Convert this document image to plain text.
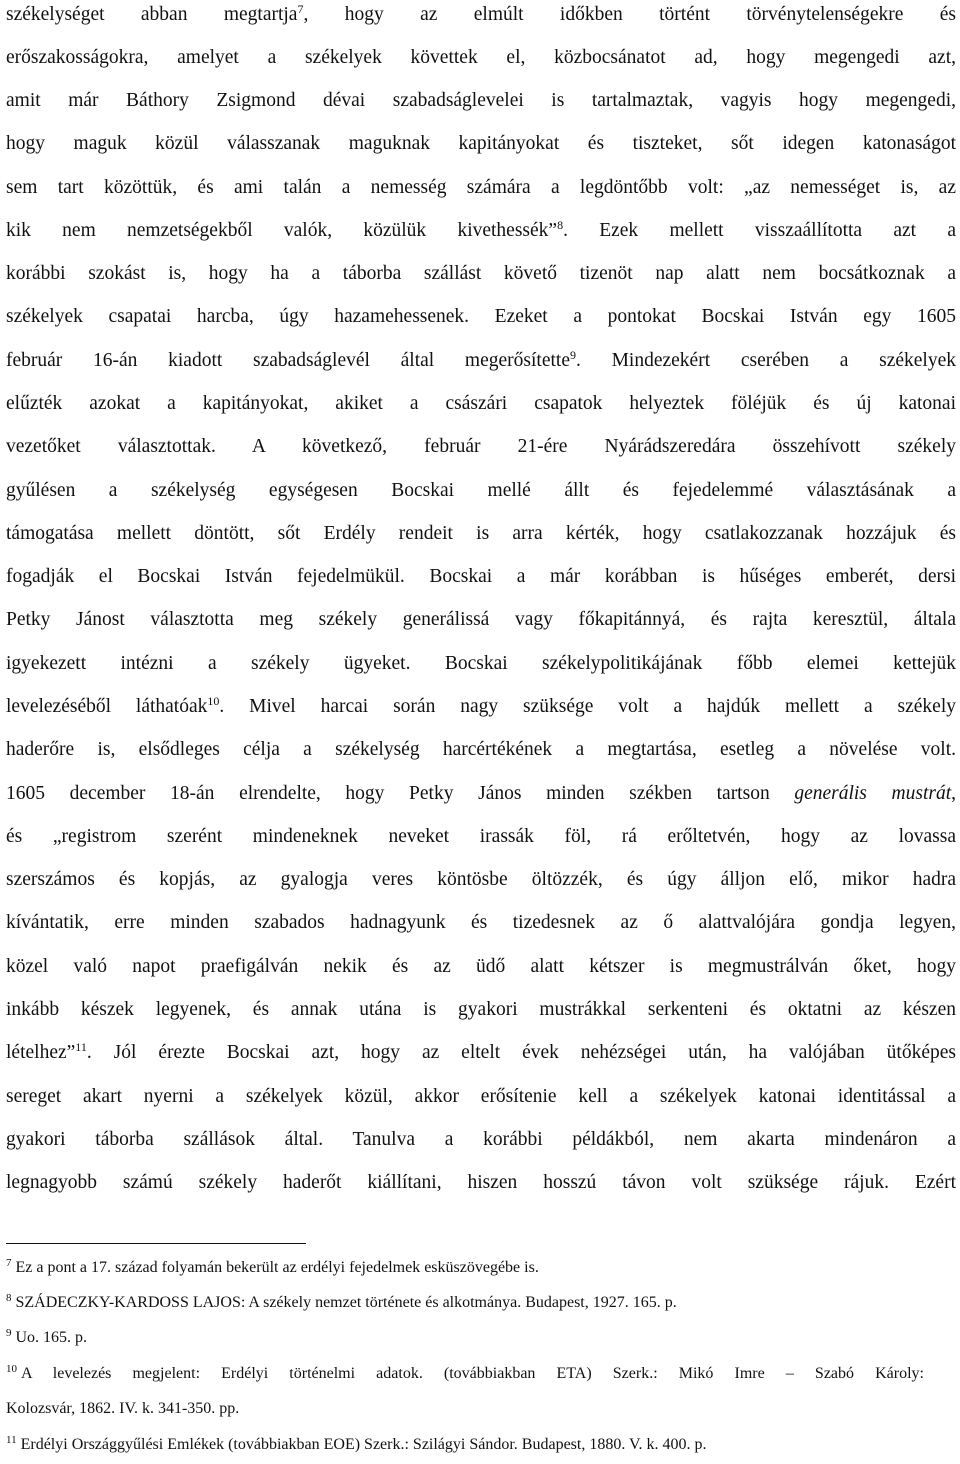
székelységet abban megtartja$^7$, hogy az elmúlt időkben történt törvénytelenségekre és
erőszakosságokra, amelyet a székelyek követtek el, közbocsánatot ad, hogy megengedi azt,
amit már Báthory Zsigmond dévai szabadságlevelei is tartalmaztak, vagyis hogy megengedi,
hogy maguk közül válasszanak maguknak kapitányokat és tiszteket, sőt idegen katonaságot
sem tart közöttük, és ami talán a nemesség számára a legdöntőbb volt: „az nemességet is, az
kik nem nemzetségekből valók, közülük kivethessék”$^8$. Ezek mellett visszaállította azt a
korábbi szokást is, hogy ha a táborba szállást követő tizenöt nap alatt nem bocsátkoznak a
székelyek csapatai harcba, úgy hazamehessenek. Ezeket a pontokat Bocskai István egy 1605
február 16-án kiadott szabadságlevél által megerősítette$^9$. Mindezekért cserében a székelyek
elűzték azokat a kapitányokat, akiket a császári csapatok helyeztek föléjük és új katonai
vezetőket választottak. A következő, február 21-ére Nyárádszeredára összehívott székely
gyűlésen a székelység egységesen Bocskai mellé állt és fejedelemmé választásának a
támogatása mellett döntött, sőt Erdély rendeit is arra kérték, hogy csatlakozzanak hozzájuk és
fogadják el Bocskai István fejedelmükül. Bocskai a már korábban is hűséges emberét, dersi
Petky Jánost választotta meg székely generálissá vagy főkapitánnyá, és rajta keresztül, általa
igyekezett intézni a székely ügyeket. Bocskai székelypolitikájának főbb elemei kettejük
levelezéséből láthatóak$^{10}$. Mivel harcai során nagy szüksége volt a hajdúk mellett a székely
haderőre is, elsődleges célja a székelység harcértékének a megtartása, esetleg a növelése volt.
1605 december 18-án elrendelte, hogy Petky János minden székben tartson generális mustrát,
és „registrom szerént mindeneknek neveket irassák föl, rá erőltetvén, hogy az lovassa
szerszámos és kopjás, az gyalogja veres köntösbe öltözzék, és úgy álljon elő, mikor hadra
kívántatik, erre minden szabados hadnagyunk és tizedesnek az ő alattvalójára gondja legyen,
közel való napot praefigálván nekik és az üdő alatt kétszer is megmustrálván őket, hogy
inkább készek legyenek, és annak utána is gyakori mustrákkal serkenteni és oktatni az készen
lételhez”$^{11}$. Jól érezte Bocskai azt, hogy az eltelt évek nehézségei után, ha valójában ütőképes
sereget akart nyerni a székelyek közül, akkor erősítenie kell a székelyek katonai identitással a
gyakori táborba szállások által. Tanulva a korábbi példákból, nem akarta mindenáron a
legnagyobb számú székely haderőt kiállítani, hiszen hosszú távon volt szüksége rájuk. Ezért
$^7$ Ez a pont a 17. század folyamán bekerült az erdélyi fejedelmek esküszövegébe is.
$^8$ SZÁDECZKY-KARDOSS LAJOS: A székely nemzet története és alkotmánya. Budapest, 1927. 165. p.
$^9$ Uo. 165. p.
$^{10}$ A levelezés megjelent: Erdélyi történelmi adatok. (továbbiakban ETA) Szerk.: Mikó Imre – Szabó Károly:
Kolozsvár, 1862. IV. k. 341-350. pp.
$^{11}$ Erdélyi Országgyűlési Emlékek (továbbiakban EOE) Szerk.: Szilágyi Sándor. Budapest, 1880. V. k. 400. p.
